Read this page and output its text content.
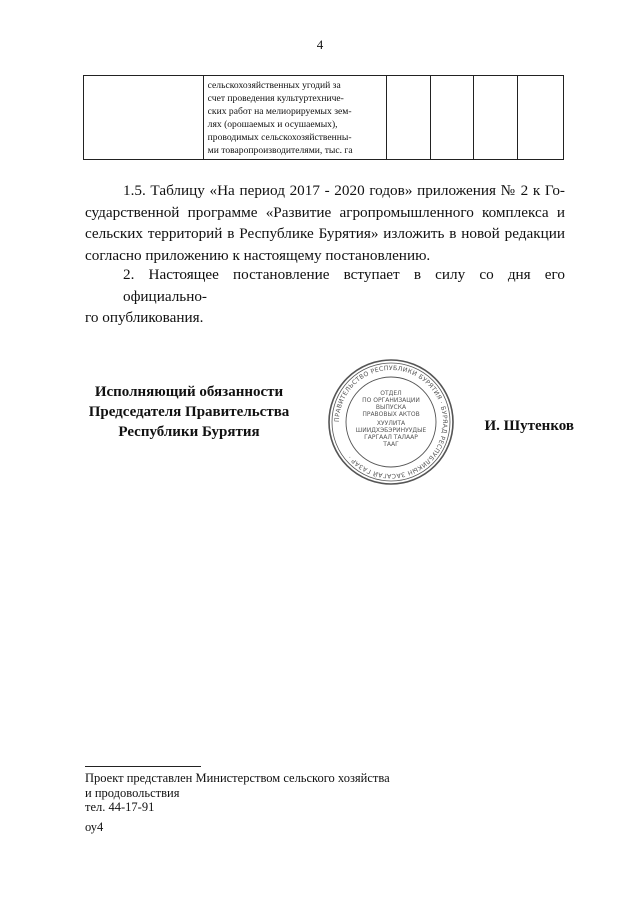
4

сельскохозяйственных угодий за
счет проведения культуртехниче-
ских работ на мелиорируемых зем-
лях (орошаемых и осушаемых),
проводимых сельскохозяйственны-
ми товаропроизводителями, тыс. га

1.5. Таблицу «На период 2017 - 2020 годов» приложения № 2 к Го-
сударственной программе «Развитие агропромышленного комплекса и
сельских территорий в Республике Бурятия» изложить в новой редакции
согласно приложению к настоящему постановлению.
2. Настоящее постановление вступает в силу со дня его официально-
го опубликования.
Исполняющий обязанности
Председателя Правительства
Республики Бурятия
ПРАВИТЕЛЬСТВО РЕСПУБЛИКИ БУРЯТИЯ · БУРЯАД РЕСПУБЛИКЫН ЗАСАГАЙ ГАЗАР ·
ОТДЕЛ
ПО ОРГАНИЗАЦИИ
ВЫПУСКА
ПРАВОВЫХ АКТОВ
ХУУЛИТА
ШИИДХЭБЭРИНУУДЫЕ
ГАРГААЛ ТАЛААР
ТААГ
И. Шутенков
Проект представлен Министерством сельского хозяйства
и продовольствия
тел. 44-17-91
оу4
